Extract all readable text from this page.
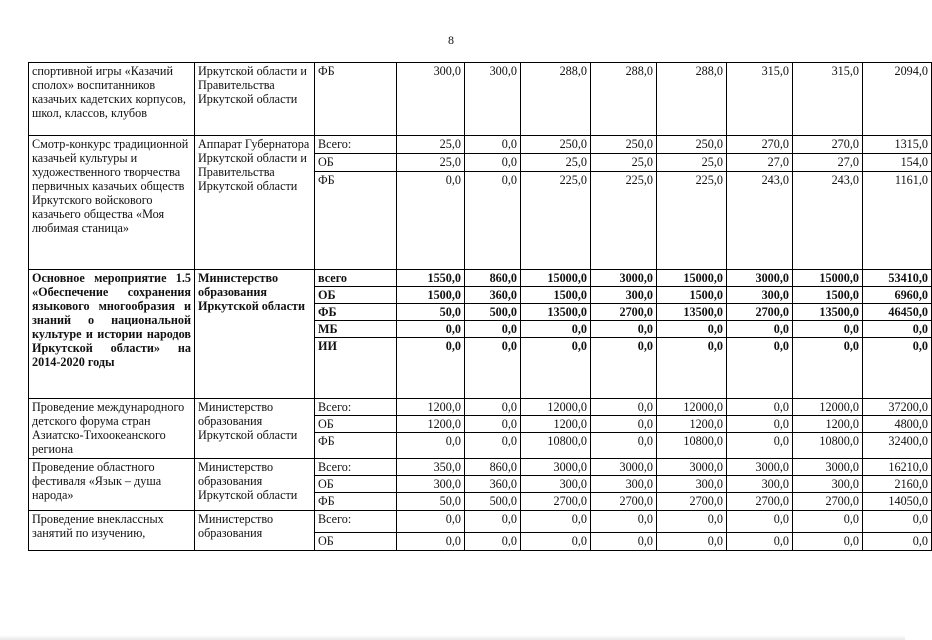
8
спортивной игры «Казачий сполох» воспитанников казачьих кадетских корпусов, школ, классов, клубов	Иркутской области и Правительства Иркутской области	ФБ	300,0	300,0	288,0	288,0	288,0	315,0	315,0	2094,0
Смотр-конкурс традиционной казачьей культуры и художественного творчества первичных казачьих обществ Иркутского войскового казачьего общества «Моя любимая станица»	Аппарат Губернатора Иркутской области и Правительства Иркутской области	Всего:	25,0	0,0	250,0	250,0	250,0	270,0	270,0	1315,0
		ОБ	25,0	0,0	25,0	25,0	25,0	27,0	27,0	154,0
		ФБ	0,0	0,0	225,0	225,0	225,0	243,0	243,0	1161,0
Основное мероприятие 1.5 «Обеспечение сохранения языкового многообразия и знаний о национальной культуре и истории народов Иркутской области» на 2014-2020 годы	Министерство образования Иркутской области	всего	1550,0	860,0	15000,0	3000,0	15000,0	3000,0	15000,0	53410,0
		ОБ	1500,0	360,0	1500,0	300,0	1500,0	300,0	1500,0	6960,0
		ФБ	50,0	500,0	13500,0	2700,0	13500,0	2700,0	13500,0	46450,0
		МБ	0,0	0,0	0,0	0,0	0,0	0,0	0,0	0,0
		ИИ	0,0	0,0	0,0	0,0	0,0	0,0	0,0	0,0
Проведение международного детского форума стран Азиатско-Тихоокеанского региона	Министерство образования Иркутской области	Всего:	1200,0	0,0	12000,0	0,0	12000,0	0,0	12000,0	37200,0
		ОБ	1200,0	0,0	1200,0	0,0	1200,0	0,0	1200,0	4800,0
		ФБ	0,0	0,0	10800,0	0,0	10800,0	0,0	10800,0	32400,0
Проведение областного фестиваля «Язык – душа народа»	Министерство образования Иркутской области	Всего:	350,0	860,0	3000,0	3000,0	3000,0	3000,0	3000,0	16210,0
		ОБ	300,0	360,0	300,0	300,0	300,0	300,0	300,0	2160,0
		ФБ	50,0	500,0	2700,0	2700,0	2700,0	2700,0	2700,0	14050,0
Проведение внеклассных занятий по изучению,	Министерство образования	Всего:	0,0	0,0	0,0	0,0	0,0	0,0	0,0	0,0
		ОБ	0,0	0,0	0,0	0,0	0,0	0,0	0,0	0,0
